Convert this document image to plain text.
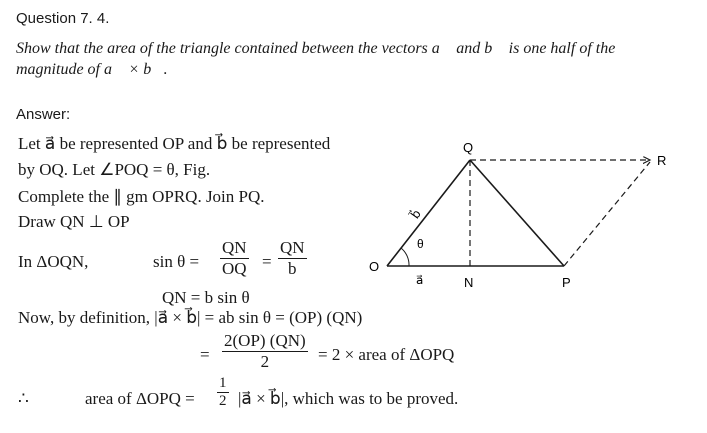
Question 7. 4.
Show that the area of the triangle contained between the vectors a⃗ and b⃗ is one half of the
magnitude of a⃗ × b⃗.
Answer:
Let a⃗ be represented OP and b⃗ be represented
by OQ. Let ∠POQ = θ, Fig.
Complete the ∥ gm OPRQ. Join PQ.
Draw QN ⊥ OP
In ΔOQN,	$\sin \theta = \frac{QN}{OQ} = \frac{QN}{b}$
QN = b sin θ
Now, by definition, |a⃗ × b⃗| = ab sin θ = (OP) (QN)
= $\frac{2(OP) (QN)}{2} = 2$ × area of ΔOPQ
∴	area of $\Delta OPQ = \frac{1}{2}$ |a⃗ × b⃗|, which was to be proved.
O
Q
R
P
N
θ
a⃗
b⃗
